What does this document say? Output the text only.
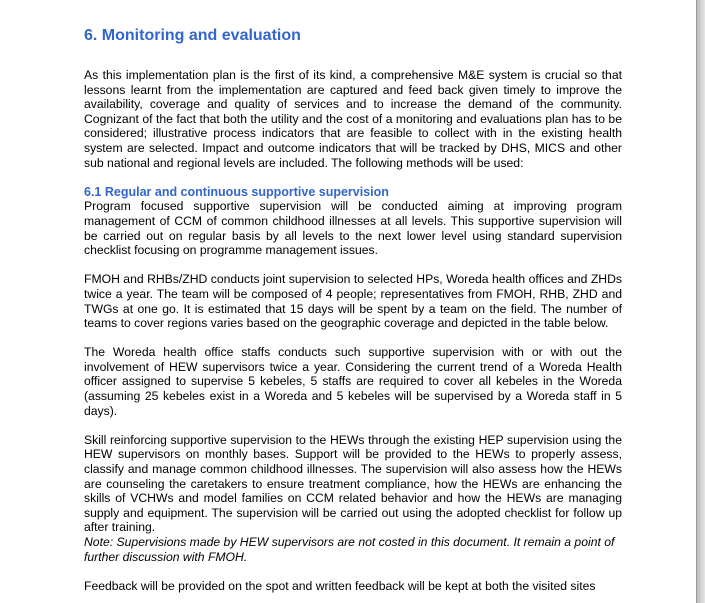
6. Monitoring and evaluation

As this implementation plan is the first of its kind, a comprehensive M&E system is crucial so that lessons learnt from the implementation are captured and feed back given timely to improve the availability, coverage and quality of services and to increase the demand of the community. Cognizant of the fact that both the utility and the cost of a monitoring and evaluations plan has to be considered; illustrative process indicators that are feasible to collect with in the existing health system are selected. Impact and outcome indicators that will be tracked by DHS, MICS and other sub national and regional levels are included. The following methods will be used:

6.1 Regular and continuous supportive supervision

Program focused supportive supervision will be conducted aiming at improving program management of CCM of common childhood illnesses at all levels. This supportive supervision will be carried out on regular basis by all levels to the next lower level using standard supervision checklist focusing on programme management issues.

FMOH and RHBs/ZHD conducts joint supervision to selected HPs, Woreda health offices and ZHDs twice a year. The team will be composed of 4 people; representatives from FMOH, RHB, ZHD and TWGs at one go. It is estimated that 15 days will be spent by a team on the field. The number of teams to cover regions varies based on the geographic coverage and depicted in the table below.

The Woreda health office staffs conducts such supportive supervision with or with out the involvement of HEW supervisors twice a year. Considering the current trend of a Woreda Health officer assigned to supervise 5 kebeles, 5 staffs are required to cover all kebeles in the Woreda (assuming 25 kebeles exist in a Woreda and 5 kebeles will be supervised by a Woreda staff in 5 days).

Skill reinforcing supportive supervision to the HEWs through the existing HEP supervision using the HEW supervisors on monthly bases. Support will be provided to the HEWs to properly assess, classify and manage common childhood illnesses. The supervision will also assess how the HEWs are counseling the caretakers to ensure treatment compliance, how the HEWs are enhancing the skills of VCHWs and model families on CCM related behavior and how the HEWs are managing supply and equipment. The supervision will be carried out using the adopted checklist for follow up after training.

Note: Supervisions made by HEW supervisors are not costed in this document. It remain a point of further discussion with FMOH.

Feedback will be provided on the spot and written feedback will be kept at both the visited sites
